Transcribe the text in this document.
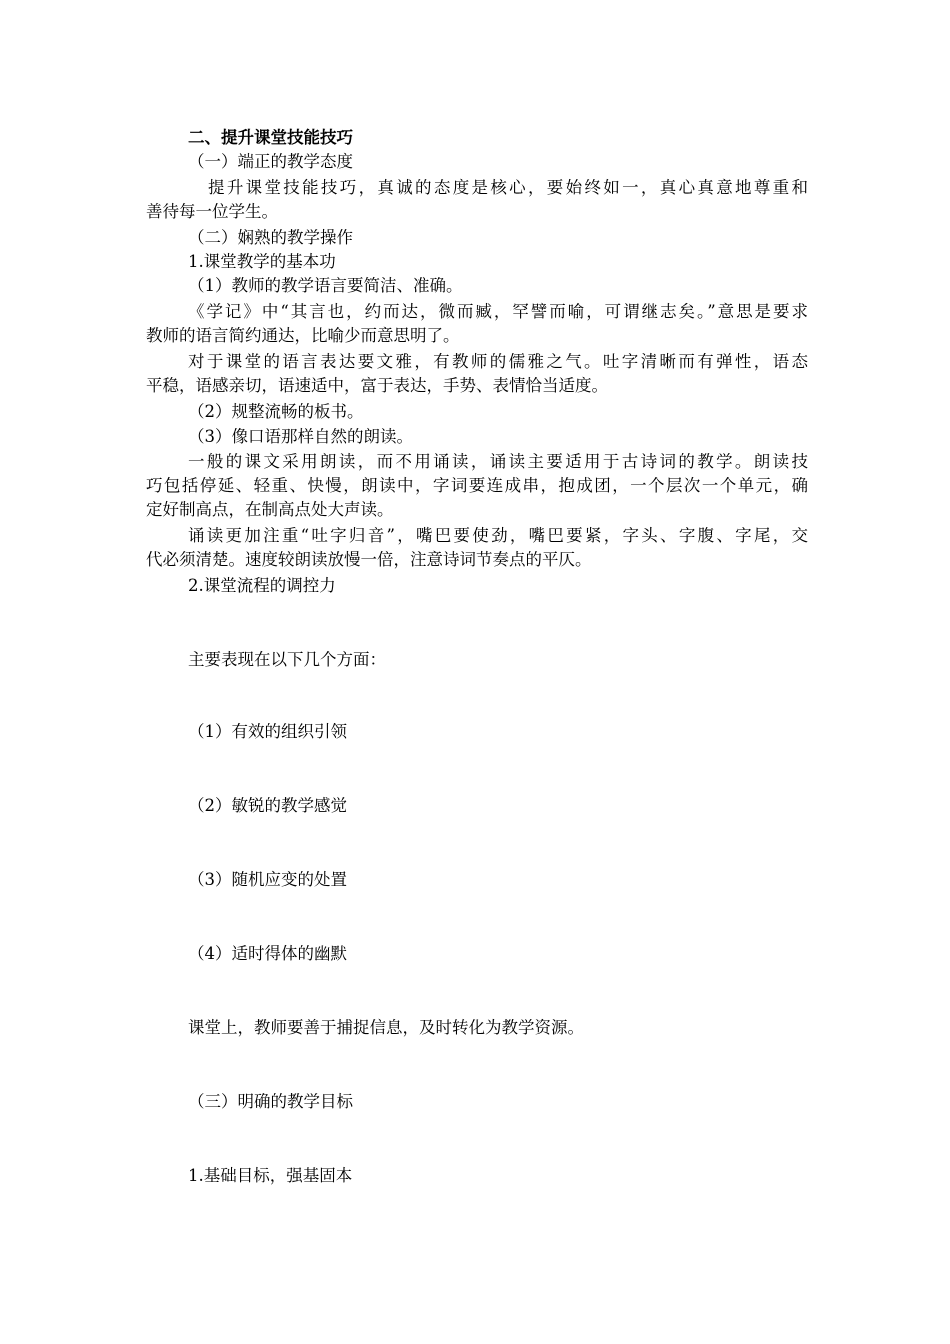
二、提升课堂技能技巧

（一）端正的教学态度

提升课堂技能技巧，真诚的态度是核心，要始终如一，真心真意地尊重和

善待每一位学生。

（二）娴熟的教学操作

1.课堂教学的基本功

（1）教师的教学语言要简洁、准确。

《学记》中“其言也，约而达，微而臧，罕譬而喻，可谓继志矣。”意思是要求

教师的语言简约通达，比喻少而意思明了。

对于课堂的语言表达要文雅，有教师的儒雅之气。吐字清晰而有弹性，语态

平稳，语感亲切，语速适中，富于表达，手势、表情恰当适度。

（2）规整流畅的板书。

（3）像口语那样自然的朗读。

一般的课文采用朗读，而不用诵读，诵读主要适用于古诗词的教学。朗读技

巧包括停延、轻重、快慢，朗读中，字词要连成串，抱成团，一个层次一个单元，确

定好制高点，在制高点处大声读。

诵读更加注重“吐字归音”，嘴巴要使劲，嘴巴要紧，字头、字腹、字尾，交

代必须清楚。速度较朗读放慢一倍，注意诗词节奏点的平仄。

2.课堂流程的调控力

主要表现在以下几个方面：

（1）有效的组织引领

（2）敏锐的教学感觉

（3）随机应变的处置

（4）适时得体的幽默

课堂上，教师要善于捕捉信息，及时转化为教学资源。

（三）明确的教学目标

1.基础目标，强基固本
